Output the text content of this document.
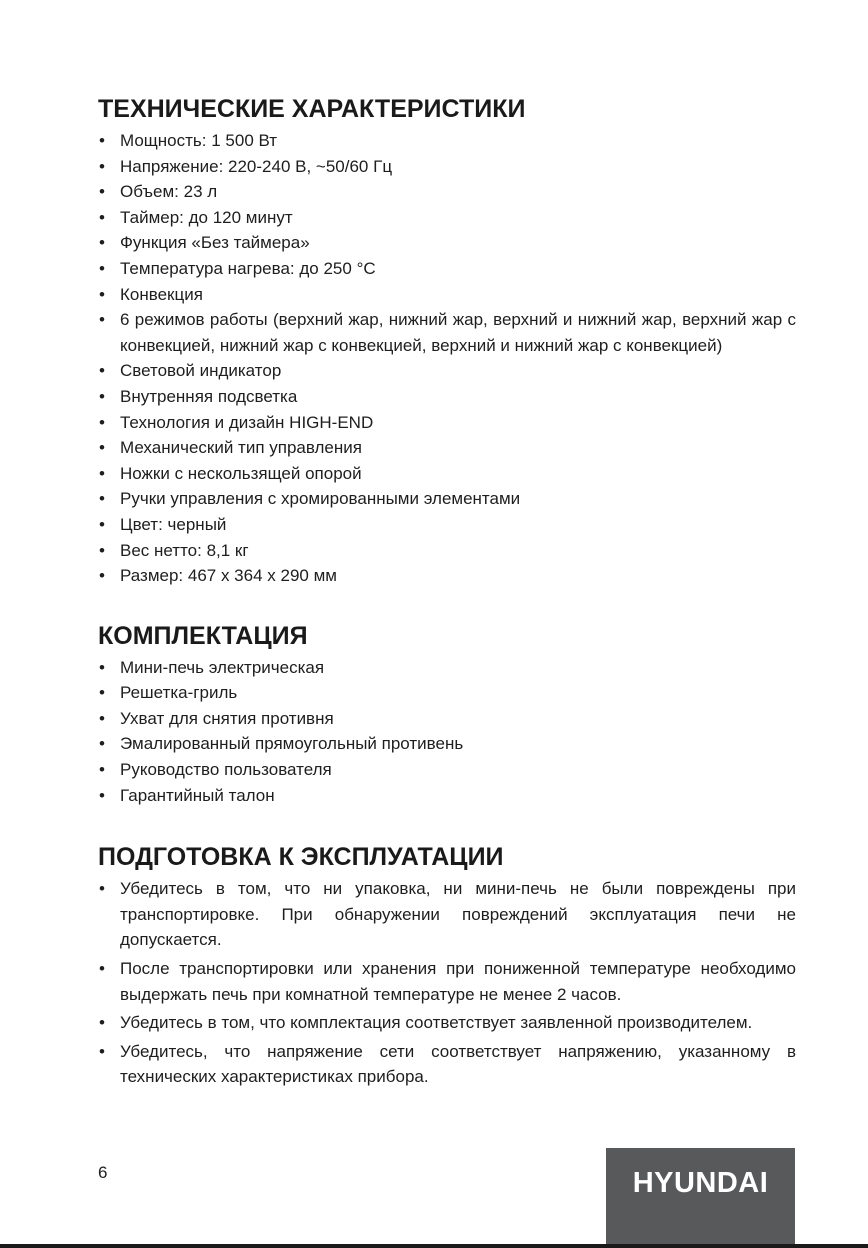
ТЕХНИЧЕСКИЕ ХАРАКТЕРИСТИКИ
• Мощность: 1 500 Вт
• Напряжение: 220-240 В, ~50/60 Гц
• Объем: 23 л
• Таймер: до 120 минут
• Функция «Без таймера»
• Температура нагрева: до 250 °С
• Конвекция
• 6 режимов работы (верхний жар, нижний жар, верхний и нижний жар, верхний жар с конвекцией, нижний жар с конвекцией, верхний и нижний жар с конвекцией)
• Световой индикатор
• Внутренняя подсветка
• Технология и дизайн HIGH-END
• Механический тип управления
• Ножки с нескользящей опорой
• Ручки управления с хромированными элементами
• Цвет: черный
• Вес нетто: 8,1 кг
• Размер: 467 х 364 х 290 мм
КОМПЛЕКТАЦИЯ
• Мини-печь электрическая
• Решетка-гриль
• Ухват для снятия противня
• Эмалированный прямоугольный противень
• Руководство пользователя
• Гарантийный талон
ПОДГОТОВКА К ЭКСПЛУАТАЦИИ
• Убедитесь в том, что ни упаковка, ни мини-печь не были повреждены при транспортировке. При обнаружении повреждений эксплуатация печи не допускается.
• После транспортировки или хранения при пониженной температуре необходимо выдержать печь при комнатной температуре не менее 2 часов.
• Убедитесь в том, что комплектация соответствует заявленной производителем.
• Убедитесь, что напряжение сети соответствует напряжению, указанному в технических характеристиках прибора.
6	HYUNDAI
